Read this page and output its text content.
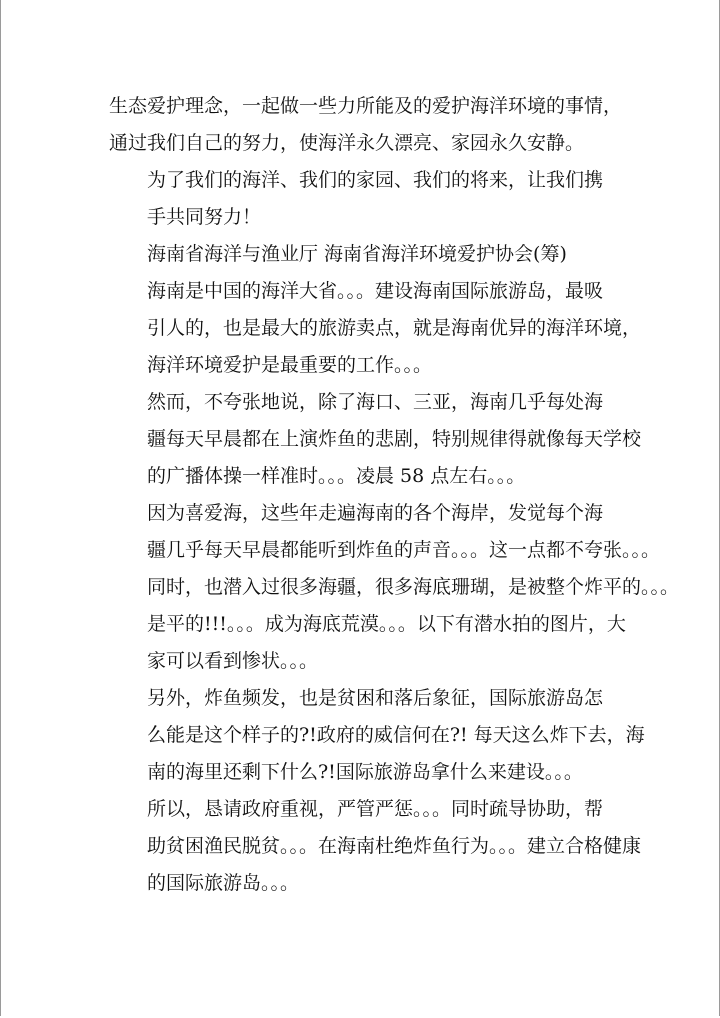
生态爱护理念，一起做一些力所能及的爱护海洋环境的事情，
通过我们自己的努力，使海洋永久漂亮、家园永久安静。

为了我们的海洋、我们的家园、我们的将来，让我们携
手共同努力！

海南省海洋与渔业厅 海南省海洋环境爱护协会(筹)

海南是中国的海洋大省。。。建设海南国际旅游岛，最吸
引人的，也是最大的旅游卖点，就是海南优异的海洋环境，
海洋环境爱护是最重要的工作。。。

然而，不夸张地说，除了海口、三亚，海南几乎每处海
疆每天早晨都在上演炸鱼的悲剧，特别规律得就像每天学校
的广播体操一样准时。。。凌晨 58 点左右。。。

因为喜爱海，这些年走遍海南的各个海岸，发觉每个海
疆几乎每天早晨都能听到炸鱼的声音。。。这一点都不夸张。。。
同时，也潜入过很多海疆，很多海底珊瑚，是被整个炸平的。。。
是平的!!!。。。成为海底荒漠。。。以下有潜水拍的图片，大
家可以看到惨状。。。

另外，炸鱼频发，也是贫困和落后象征，国际旅游岛怎
么能是这个样子的?!政府的威信何在?! 每天这么炸下去，海
南的海里还剩下什么?!国际旅游岛拿什么来建设。。。

所以，恳请政府重视，严管严惩。。。同时疏导协助，帮
助贫困渔民脱贫。。。在海南杜绝炸鱼行为。。。建立合格健康
的国际旅游岛。。。
